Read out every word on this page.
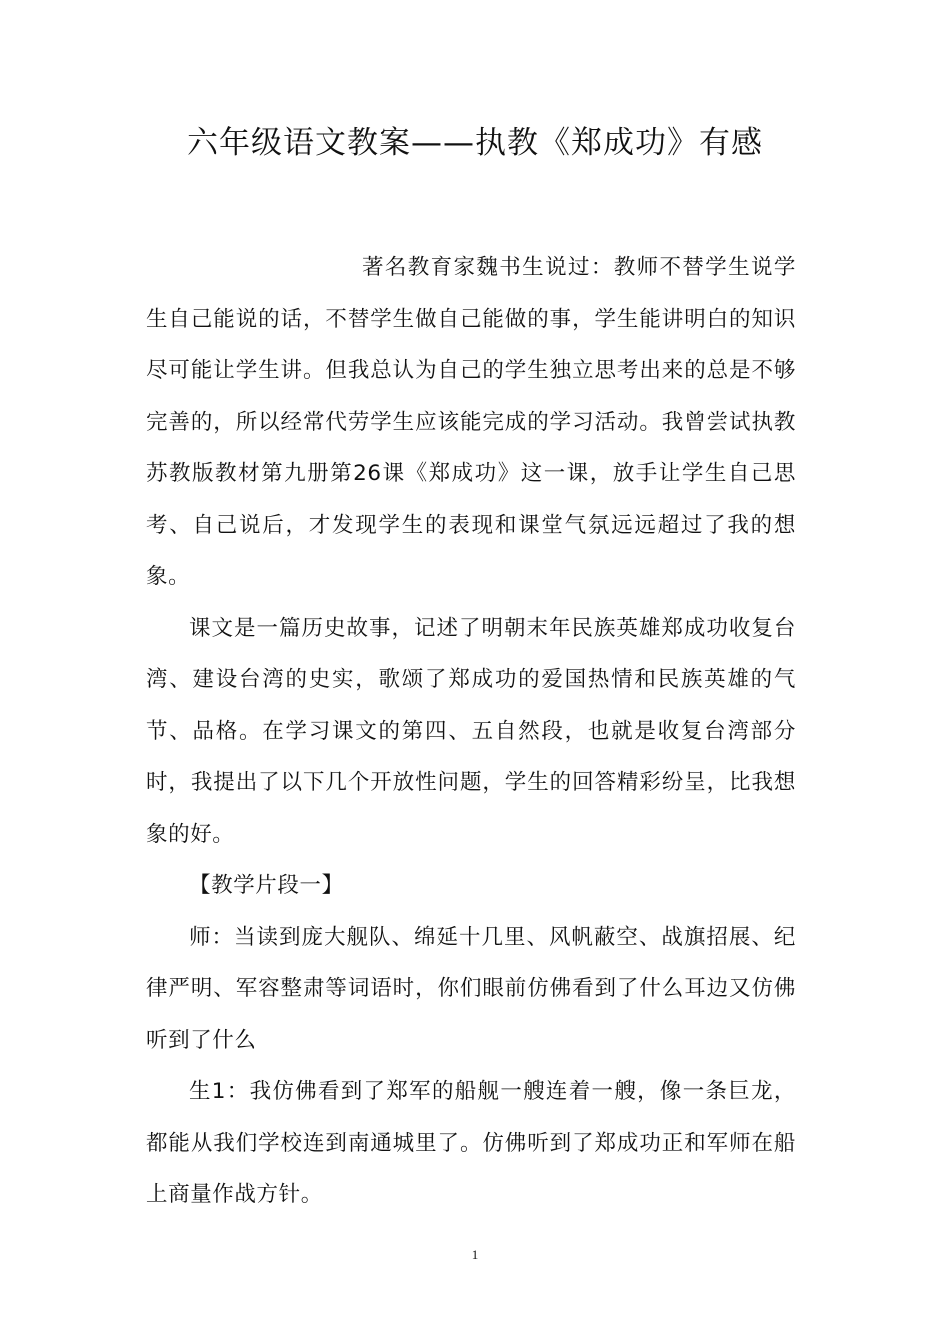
六年级语文教案——执教《郑成功》有感

著名教育家魏书生说过：教师不替学生说学生自己能说的话，不替学生做自己能做的事，学生能讲明白的知识尽可能让学生讲。但我总认为自己的学生独立思考出来的总是不够完善的，所以经常代劳学生应该能完成的学习活动。我曾尝试执教苏教版教材第九册第26课《郑成功》这一课，放手让学生自己思考、自己说后，才发现学生的表现和课堂气氛远远超过了我的想象。

课文是一篇历史故事，记述了明朝末年民族英雄郑成功收复台湾、建设台湾的史实，歌颂了郑成功的爱国热情和民族英雄的气节、品格。在学习课文的第四、五自然段，也就是收复台湾部分时，我提出了以下几个开放性问题，学生的回答精彩纷呈，比我想象的好。

【教学片段一】

师：当读到庞大舰队、绵延十几里、风帆蔽空、战旗招展、纪律严明、军容整肃等词语时，你们眼前仿佛看到了什么耳边又仿佛听到了什么

生1：我仿佛看到了郑军的船舰一艘连着一艘，像一条巨龙，都能从我们学校连到南通城里了。仿佛听到了郑成功正和军师在船上商量作战方针。

1
